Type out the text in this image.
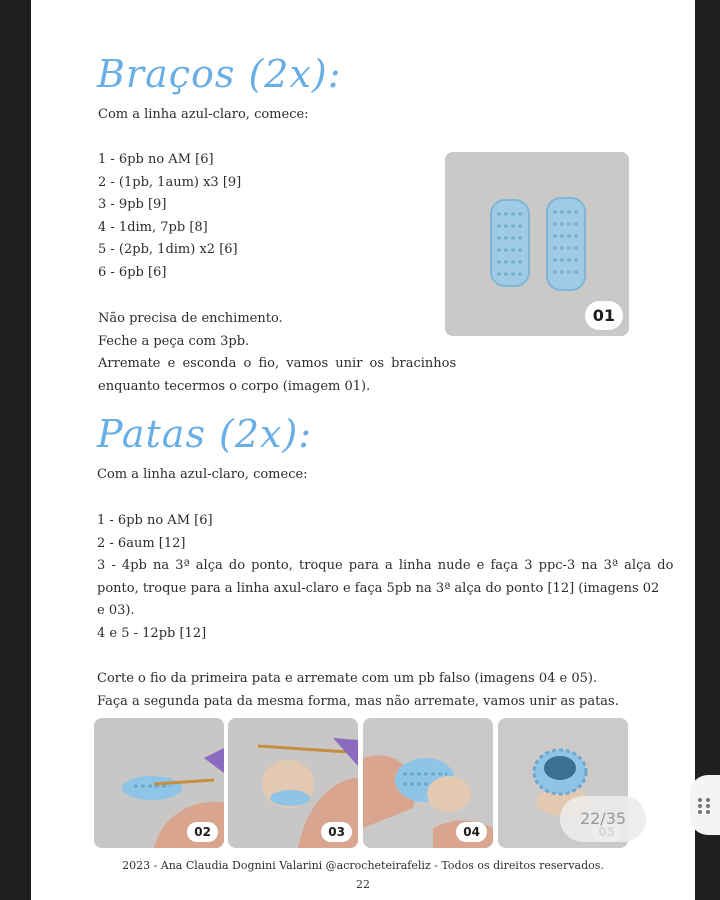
Braços (2x):

Com a linha azul-claro, comece:

1 - 6pb no AM [6]
2 - (1pb, 1aum) x3 [9]
3 - 9pb [9]
4 - 1dim, 7pb [8]
5 - (2pb, 1dim) x2 [6]
6 - 6pb [6]
Não precisa de enchimento.
Feche a peça com 3pb.
Arremate e esconda o fio, vamos unir os bracinhos
enquanto tecermos o corpo (imagem 01).
01
Patas (2x):

Com a linha azul-claro, comece:

1 - 6pb no AM [6]
2 - 6aum [12]
3 - 4pb na 3ª alça do ponto, troque para a linha nude e faça 3 ppc-3 na 3ª alça do
ponto, troque para a linha axul-claro e faça 5pb na 3ª alça do ponto [12] (imagens 02
e 03).
4 e 5 - 12pb [12]
Corte o fio da primeira pata e arremate com um pb falso (imagens 04 e 05).
Faça a segunda pata da mesma forma, mas não arremate, vamos unir as patas.
02	03	04
2023 - Ana Claudia Dognini Valarini @acrocheteirafeliz - Todos os direitos reservados.
22
22/35
